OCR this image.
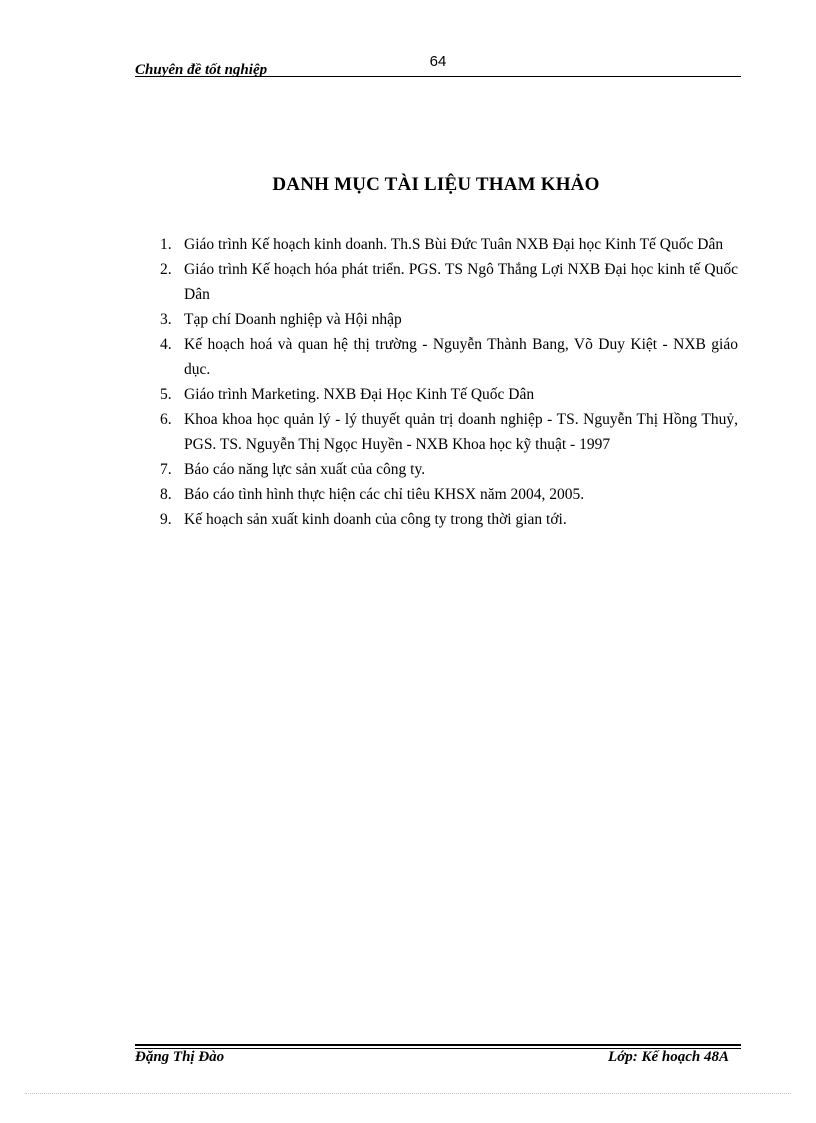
64
Chuyên đề tốt nghiệp
DANH MỤC TÀI LIỆU THAM KHẢO
1. Giáo trình Kế hoạch kinh doanh. Th.S Bùi Đức Tuân NXB Đại học Kinh Tế Quốc Dân
2. Giáo trình Kế hoạch hóa phát triển. PGS. TS Ngô Thắng Lợi NXB Đại học kinh tế Quốc Dân
3. Tạp chí Doanh nghiệp và Hội nhập
4. Kế hoạch hoá và quan hệ thị trường - Nguyễn Thành Bang, Võ Duy Kiệt - NXB giáo dục.
5. Giáo trình Marketing. NXB Đại Học Kinh Tế Quốc Dân
6. Khoa khoa học quản lý - lý thuyết quản trị doanh nghiệp - TS. Nguyễn Thị Hồng Thuỷ, PGS. TS. Nguyễn Thị Ngọc Huyền - NXB Khoa học kỹ thuật - 1997
7. Báo cáo năng lực sản xuất của công ty.
8. Báo cáo tình hình thực hiện các chỉ tiêu KHSX năm 2004, 2005.
9. Kế hoạch sản xuất kinh doanh của công ty trong thời gian tới.
Đặng Thị Đào	Lớp: Kế hoạch 48A
